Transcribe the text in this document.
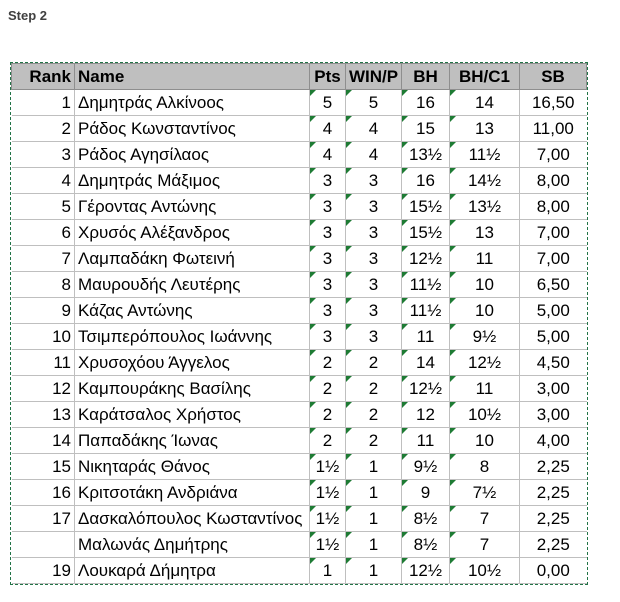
Step 2
Rank	Name	Pts	WIN/P	BH	BH/C1	SB
1	Δημητράς Αλκίνοος	5	5	16	14	16,50
2	Ράδος Κωνσταντίνος	4	4	15	13	11,00
3	Ράδος Αγησίλαος	4	4	13½	11½	7,00
4	Δημητράς Μάξιμος	3	3	16	14½	8,00
5	Γέροντας Αντώνης	3	3	15½	13½	8,00
6	Χρυσός Αλέξανδρος	3	3	15½	13	7,00
7	Λαμπαδάκη Φωτεινή	3	3	12½	11	7,00
8	Μαυρουδής Λευτέρης	3	3	11½	10	6,50
9	Κάζας Αντώνης	3	3	11½	10	5,00
10	Τσιμπερόπουλος Ιωάννης	3	3	11	9½	5,00
11	Χρυσοχόου Άγγελος	2	2	14	12½	4,50
12	Καμπουράκης Βασίλης	2	2	12½	11	3,00
13	Καράτσαλος Χρήστος	2	2	12	10½	3,00
14	Παπαδάκης Ίωνας	2	2	11	10	4,00
15	Νικηταράς Θάνος	1½	1	9½	8	2,25
16	Κριτσοτάκη Ανδριάνα	1½	1	9	7½	2,25
17	Δασκαλόπουλος Κωσταντίνος	1½	1	8½	7	2,25
	Μαλωνάς Δημήτρης	1½	1	8½	7	2,25
19	Λουκαρά Δήμητρα	1	1	12½	10½	0,00
